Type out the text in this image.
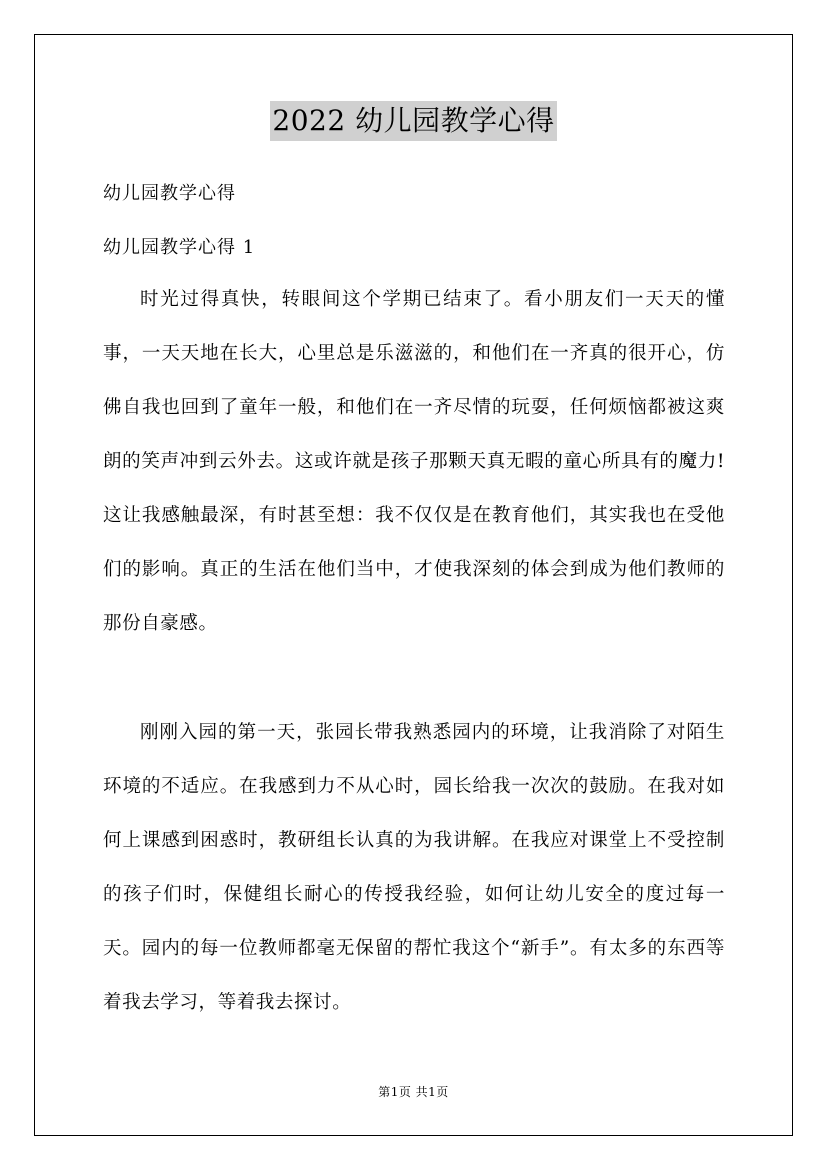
2022 幼儿园教学心得
幼儿园教学心得
幼儿园教学心得 1

时光过得真快，转眼间这个学期已结束了。看小朋友们一天天的懂事，一天天地在长大，心里总是乐滋滋的，和他们在一齐真的很开心，仿佛自我也回到了童年一般，和他们在一齐尽情的玩耍，任何烦恼都被这爽朗的笑声冲到云外去。这或许就是孩子那颗天真无暇的童心所具有的魔力!这让我感触最深，有时甚至想：我不仅仅是在教育他们，其实我也在受他们的影响。真正的生活在他们当中，才使我深刻的体会到成为他们教师的那份自豪感。

刚刚入园的第一天，张园长带我熟悉园内的环境，让我消除了对陌生环境的不适应。在我感到力不从心时，园长给我一次次的鼓励。在我对如何上课感到困惑时，教研组长认真的为我讲解。在我应对课堂上不受控制的孩子们时，保健组长耐心的传授我经验，如何让幼儿安全的度过每一天。园内的每一位教师都毫无保留的帮忙我这个“新手”。有太多的东西等着我去学习，等着我去探讨。

第1页 共1页
